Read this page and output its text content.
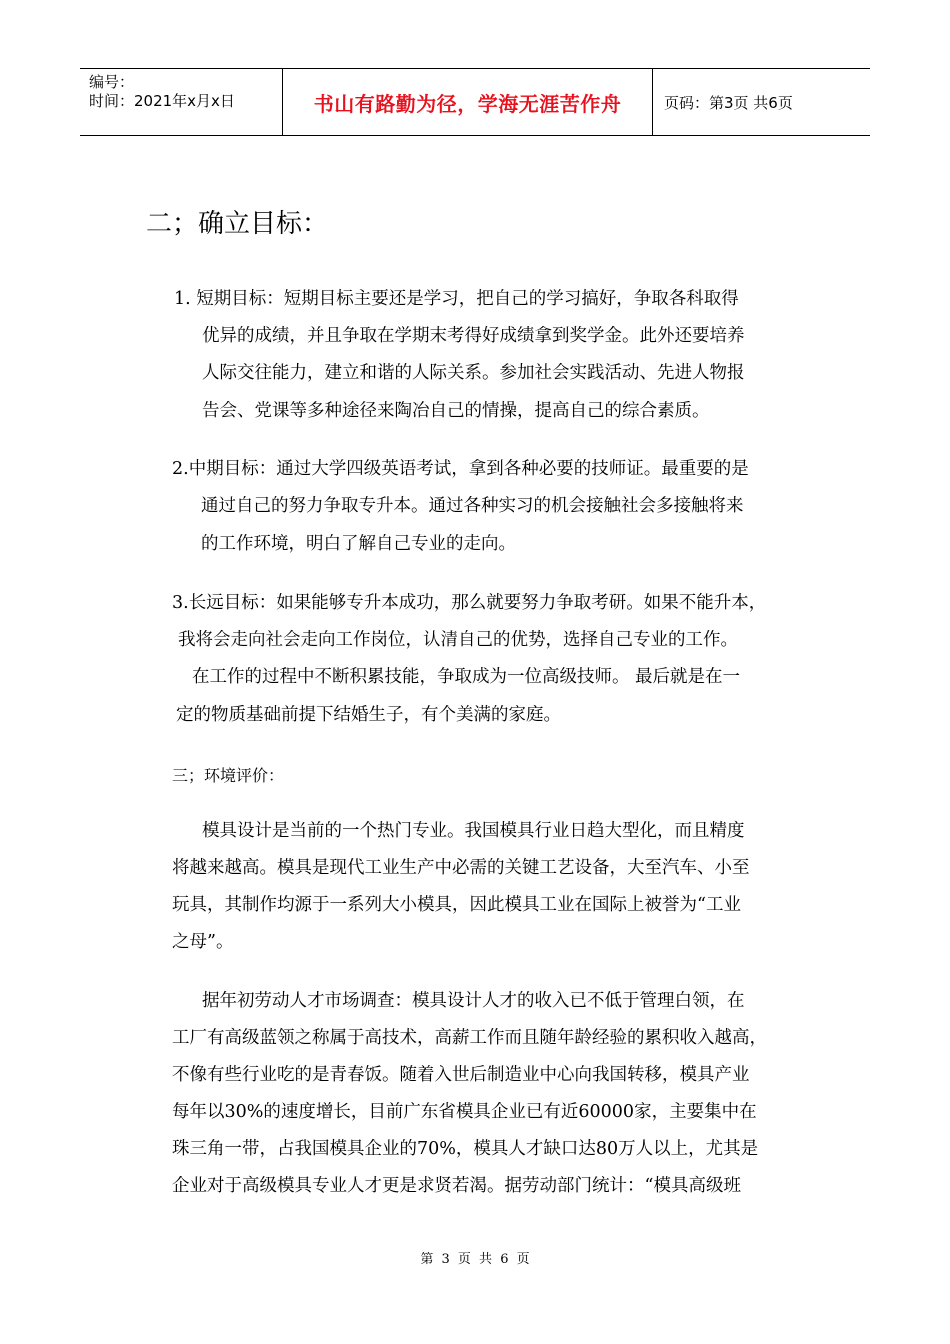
编号：
时间：2021年x月x日	书山有路勤为径，学海无涯苦作舟	页码：第3页 共6页
二；确立目标：
1. 短期目标：短期目标主要还是学习，把自己的学习搞好，争取各科取得
优异的成绩，并且争取在学期末考得好成绩拿到奖学金。此外还要培养
人际交往能力，建立和谐的人际关系。参加社会实践活动、先进人物报
告会、党课等多种途径来陶冶自己的情操，提高自己的综合素质。
2.中期目标：通过大学四级英语考试，拿到各种必要的技师证。最重要的是
通过自己的努力争取专升本。通过各种实习的机会接触社会多接触将来
的工作环境，明白了解自己专业的走向。
3.长远目标：如果能够专升本成功，那么就要努力争取考研。如果不能升本，
我将会走向社会走向工作岗位，认清自己的优势，选择自己专业的工作。
在工作的过程中不断积累技能，争取成为一位高级技师。 最后就是在一
定的物质基础前提下结婚生子，有个美满的家庭。
三；环境评价：
模具设计是当前的一个热门专业。我国模具行业日趋大型化，而且精度
将越来越高。模具是现代工业生产中必需的关键工艺设备，大至汽车、小至
玩具，其制作均源于一系列大小模具，因此模具工业在国际上被誉为“工业
之母”。
据年初劳动人才市场调查：模具设计人才的收入已不低于管理白领，在
工厂有高级蓝领之称属于高技术，高薪工作而且随年龄经验的累积收入越高，
不像有些行业吃的是青春饭。随着入世后制造业中心向我国转移，模具产业
每年以30%的速度增长，目前广东省模具企业已有近60000家，主要集中在
珠三角一带，占我国模具企业的70%，模具人才缺口达80万人以上，尤其是
企业对于高级模具专业人才更是求贤若渴。据劳动部门统计：“模具高级班
第 3 页 共 6 页
